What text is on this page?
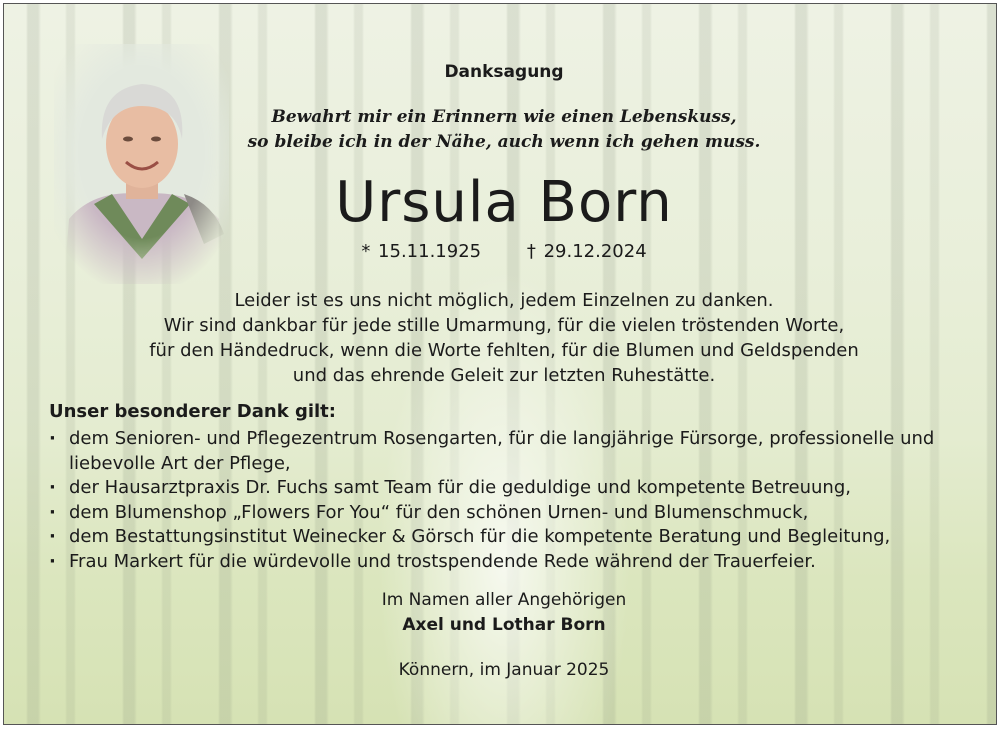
Danksagung
Bewahrt mir ein Erinnern wie einen Lebenskuss,
so bleibe ich in der Nähe, auch wenn ich gehen muss.
Ursula Born
* 15.11.1925	† 29.12.2024
Leider ist es uns nicht möglich, jedem Einzelnen zu danken.
Wir sind dankbar für jede stille Umarmung, für die vielen tröstenden Worte,
für den Händedruck, wenn die Worte fehlten, für die Blumen und Geldspenden
und das ehrende Geleit zur letzten Ruhestätte.
Unser besonderer Dank gilt:
· dem Senioren- und Pflegezentrum Rosengarten, für die langjährige Fürsorge, professionelle und liebevolle Art der Pflege,
· der Hausarztpraxis Dr. Fuchs samt Team für die geduldige und kompetente Betreuung,
· dem Blumenshop „Flowers For You“ für den schönen Urnen- und Blumenschmuck,
· dem Bestattungsinstitut Weinecker & Görsch für die kompetente Beratung und Begleitung,
· Frau Markert für die würdevolle und trostspendende Rede während der Trauerfeier.
Im Namen aller Angehörigen
Axel und Lothar Born
Könnern, im Januar 2025
